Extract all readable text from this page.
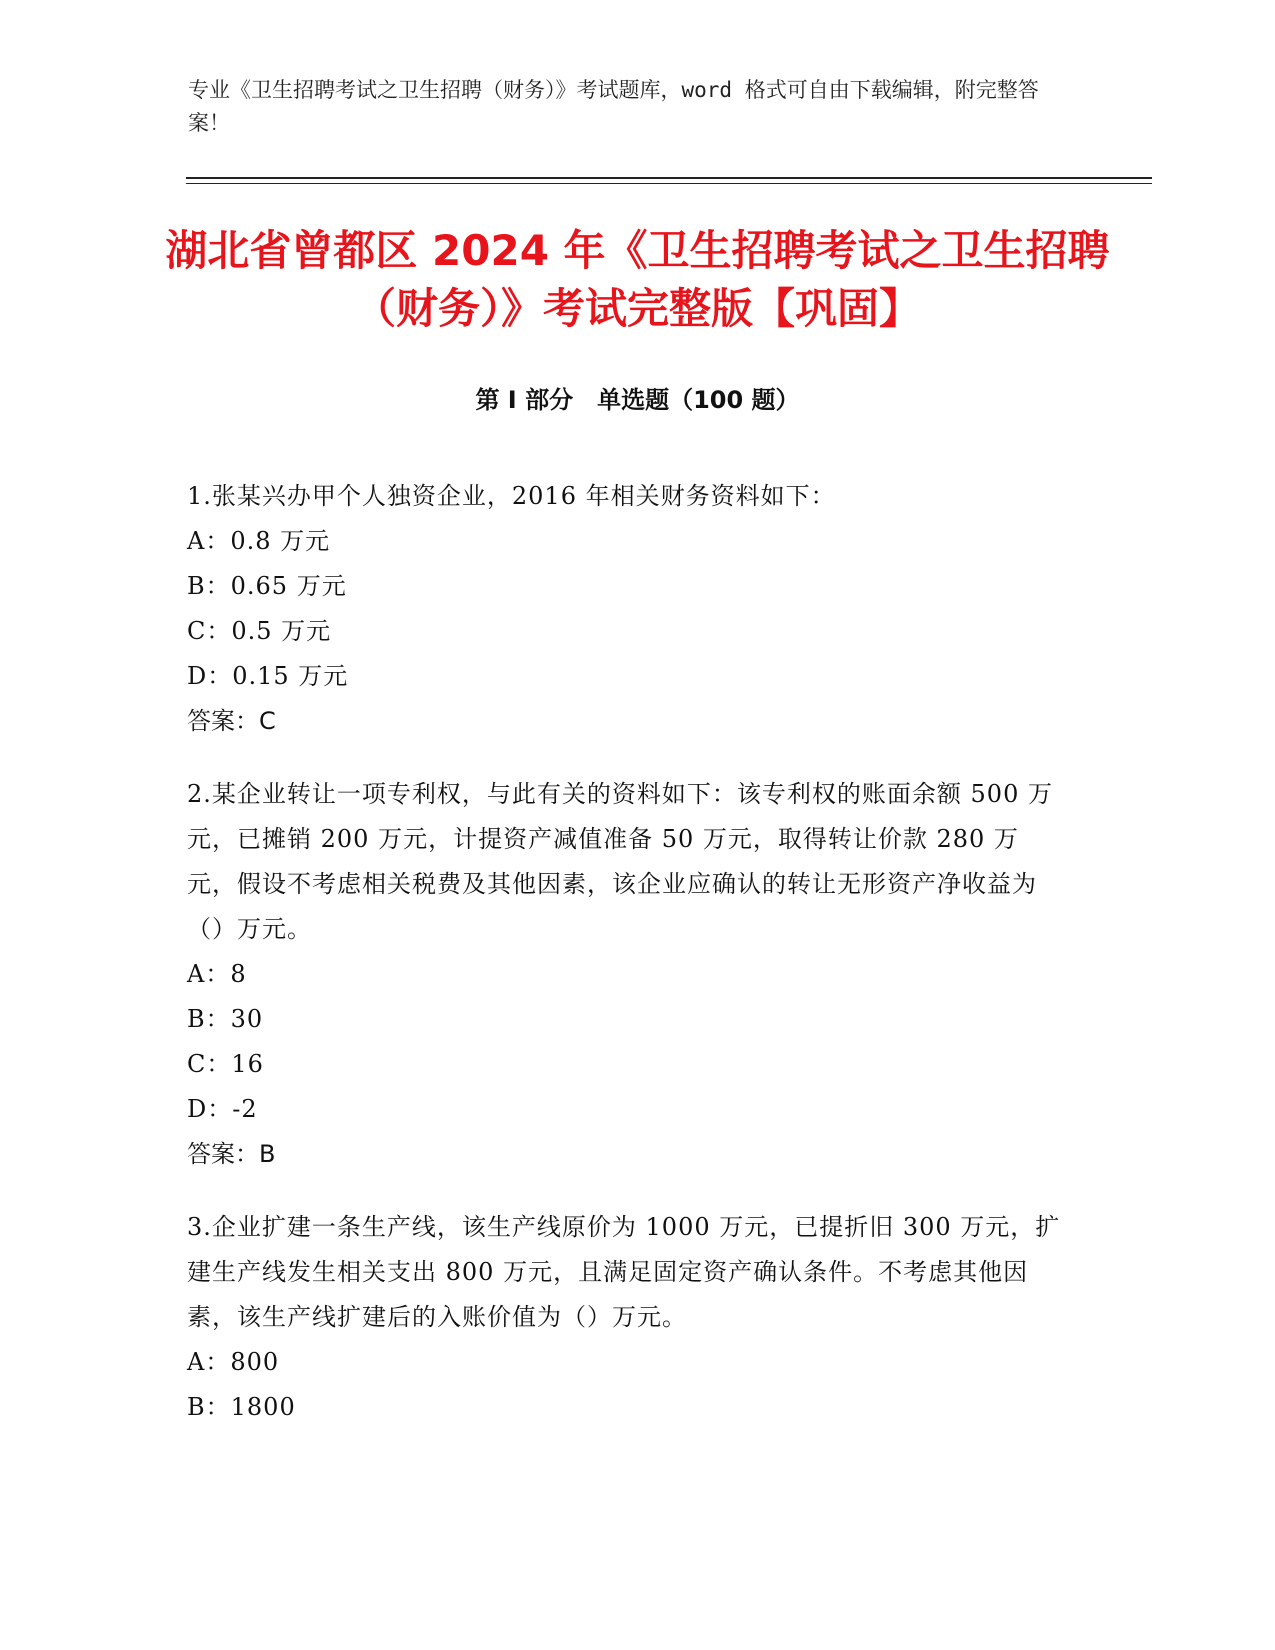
专业《卫生招聘考试之卫生招聘（财务）》考试题库，word 格式可自由下载编辑，附完整答案！

湖北省曾都区 2024 年《卫生招聘考试之卫生招聘（财务）》考试完整版【巩固】
第 I 部分　单选题（100 题）

1.张某兴办甲个人独资企业，2016 年相关财务资料如下：

A：0.8 万元

B：0.65 万元

C：0.5 万元

D：0.15 万元

答案：C

2.某企业转让一项专利权，与此有关的资料如下：该专利权的账面余额 500 万元，已摊销 200 万元，计提资产减值准备 50 万元，取得转让价款 280 万元，假设不考虑相关税费及其他因素，该企业应确认的转让无形资产净收益为（）万元。

A：8

B：30

C：16

D：-2

答案：B

3.企业扩建一条生产线，该生产线原价为 1000 万元，已提折旧 300 万元，扩建生产线发生相关支出 800 万元，且满足固定资产确认条件。不考虑其他因素，该生产线扩建后的入账价值为（）万元。

A：800

B：1800
